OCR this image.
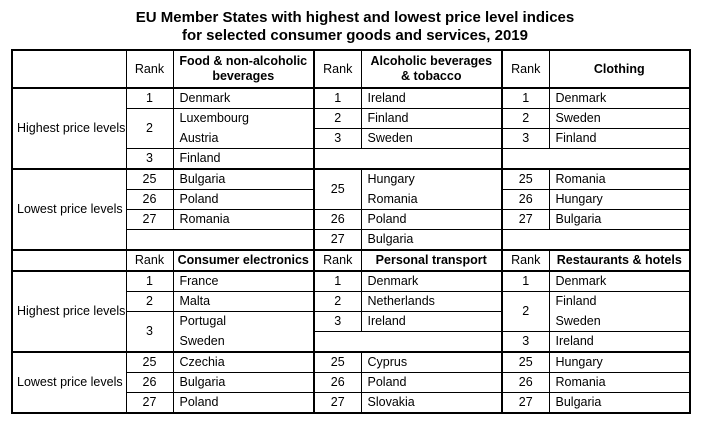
EU Member States with highest and lowest price level indices
for selected consumer goods and services, 2019
	Rank	Food & non-alcoholic beverages	Rank	Alcoholic beverages & tobacco	Rank	Clothing
Highest price levels	1	Denmark	1	Ireland	1	Denmark
	2	Luxembourg	2	Finland	2	Sweden
		Austria	3	Sweden	3	Finland
	3	Finland				
Lowest price levels	25	Bulgaria	25	Hungary	25	Romania
	26	Poland		Romania	26	Hungary
	27	Romania	26	Poland	27	Bulgaria
			27	Bulgaria		
	Rank	Consumer electronics	Rank	Personal transport	Rank	Restaurants & hotels
Highest price levels	1	France	1	Denmark	1	Denmark
	2	Malta	2	Netherlands	2	Finland
	3	Portugal	3	Ireland		Sweden
		Sweden			3	Ireland
Lowest price levels	25	Czechia	25	Cyprus	25	Hungary
	26	Bulgaria	26	Poland	26	Romania
	27	Poland	27	Slovakia	27	Bulgaria
